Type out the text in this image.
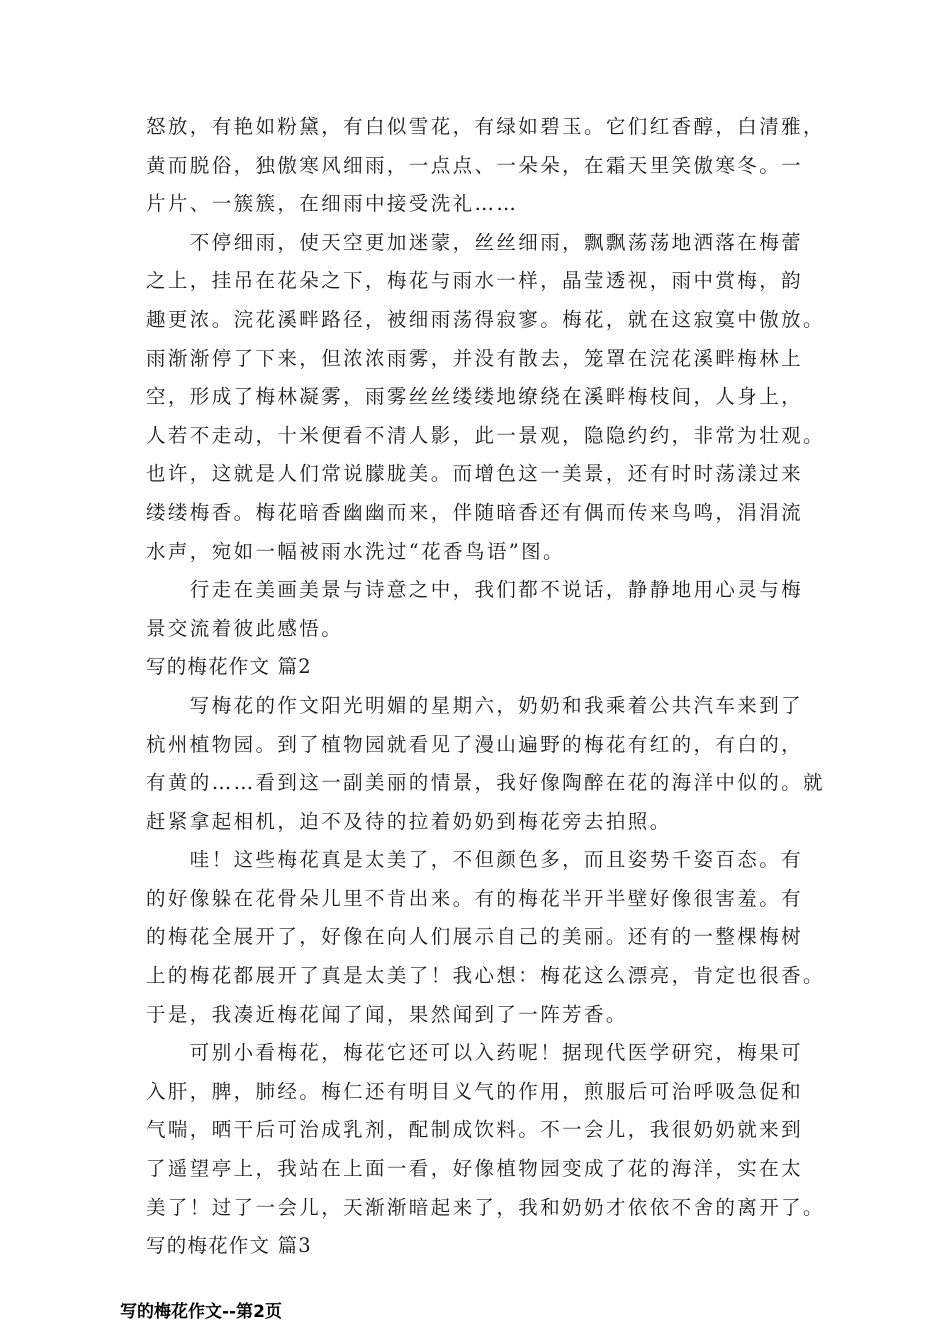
怒放，有艳如粉黛，有白似雪花，有绿如碧玉。它们红香醇，白清雅，
黄而脱俗，独傲寒风细雨，一点点、一朵朵，在霜天里笑傲寒冬。一
片片、一簇簇，在细雨中接受洗礼……
　　不停细雨，使天空更加迷蒙，丝丝细雨，飘飘荡荡地洒落在梅蕾
之上，挂吊在花朵之下，梅花与雨水一样，晶莹透视，雨中赏梅，韵
趣更浓。浣花溪畔路径，被细雨荡得寂寥。梅花，就在这寂寞中傲放。
雨渐渐停了下来，但浓浓雨雾，并没有散去，笼罩在浣花溪畔梅林上
空，形成了梅林凝雾，雨雾丝丝缕缕地缭绕在溪畔梅枝间，人身上，
人若不走动，十米便看不清人影，此一景观，隐隐约约，非常为壮观。
也许，这就是人们常说朦胧美。而增色这一美景，还有时时荡漾过来
缕缕梅香。梅花暗香幽幽而来，伴随暗香还有偶而传来鸟鸣，涓涓流
水声，宛如一幅被雨水洗过“花香鸟语”图。
　　行走在美画美景与诗意之中，我们都不说话，静静地用心灵与梅
景交流着彼此感悟。
写的梅花作文 篇2
　　写梅花的作文阳光明媚的星期六，奶奶和我乘着公共汽车来到了
杭州植物园。到了植物园就看见了漫山遍野的梅花有红的，有白的，
有黄的……看到这一副美丽的情景，我好像陶醉在花的海洋中似的。就
赶紧拿起相机，迫不及待的拉着奶奶到梅花旁去拍照。
　　哇！这些梅花真是太美了，不但颜色多，而且姿势千姿百态。有
的好像躲在花骨朵儿里不肯出来。有的梅花半开半壁好像很害羞。有
的梅花全展开了，好像在向人们展示自己的美丽。还有的一整棵梅树
上的梅花都展开了真是太美了！我心想：梅花这么漂亮，肯定也很香。
于是，我凑近梅花闻了闻，果然闻到了一阵芳香。
　　可别小看梅花，梅花它还可以入药呢！据现代医学研究，梅果可
入肝，脾，肺经。梅仁还有明目义气的作用，煎服后可治呼吸急促和
气喘，晒干后可治成乳剂，配制成饮料。不一会儿，我很奶奶就来到
了遥望亭上，我站在上面一看，好像植物园变成了花的海洋，实在太
美了！过了一会儿，天渐渐暗起来了，我和奶奶才依依不舍的离开了。
写的梅花作文 篇3
写的梅花作文--第2页
